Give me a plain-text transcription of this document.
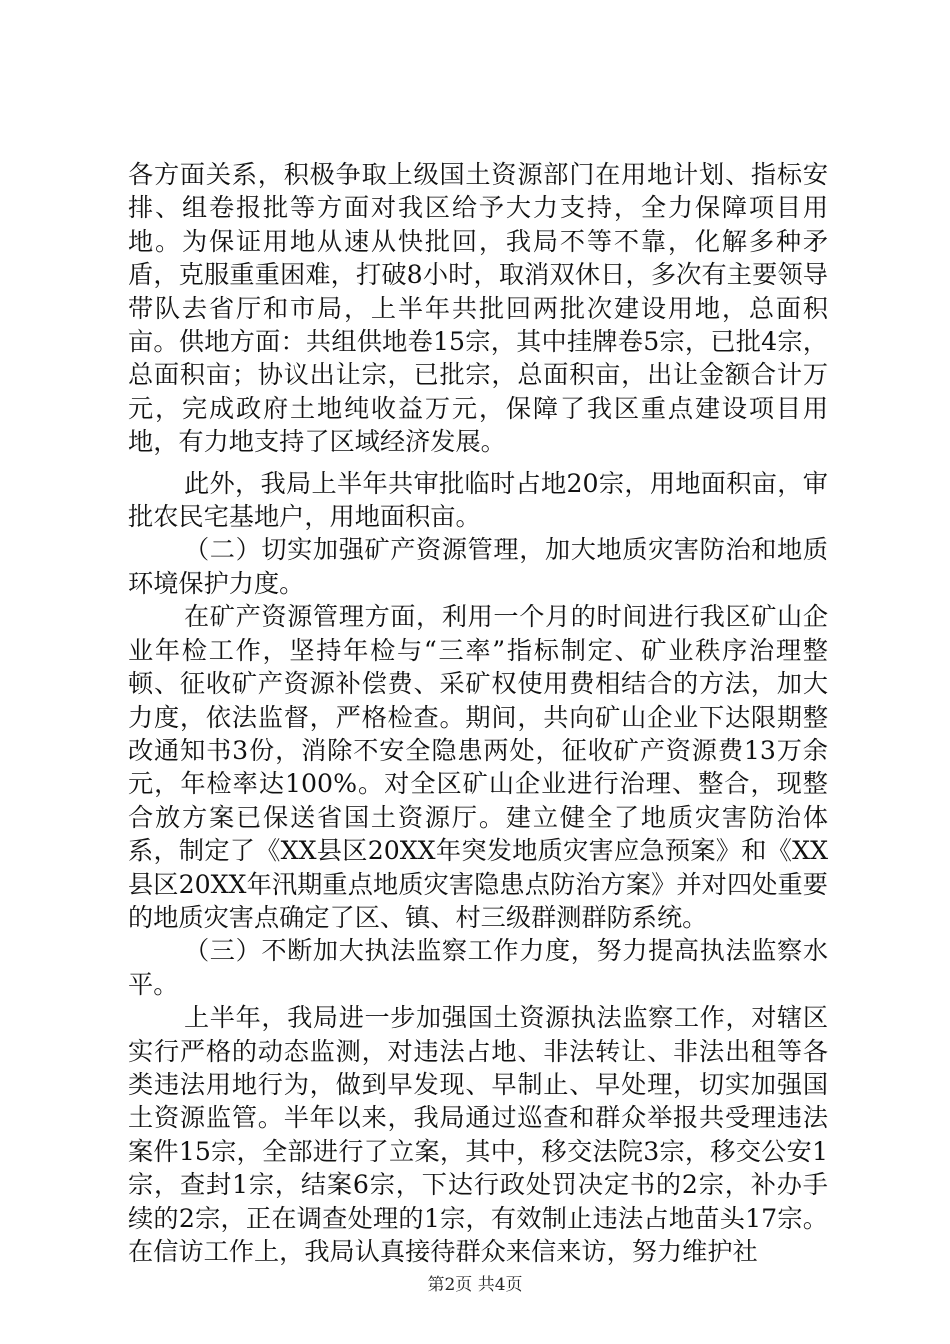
各方面关系，积极争取上级国土资源部门在用地计划、指标安排、组卷报批等方面对我区给予大力支持，全力保障项目用地。为保证用地从速从快批回，我局不等不靠，化解多种矛盾，克服重重困难，打破8小时，取消双休日，多次有主要领导带队去省厅和市局，上半年共批回两批次建设用地，总面积亩。供地方面：共组供地卷15宗，其中挂牌卷5宗，已批4宗，总面积亩；协议出让宗，已批宗，总面积亩，出让金额合计万元，完成政府土地纯收益万元，保障了我区重点建设项目用地，有力地支持了区域经济发展。

此外，我局上半年共审批临时占地20宗，用地面积亩，审批农民宅基地户，用地面积亩。

（二）切实加强矿产资源管理，加大地质灾害防治和地质环境保护力度。

在矿产资源管理方面，利用一个月的时间进行我区矿山企业年检工作，坚持年检与“三率”指标制定、矿业秩序治理整顿、征收矿产资源补偿费、采矿权使用费相结合的方法，加大力度，依法监督，严格检查。期间，共向矿山企业下达限期整改通知书3份，消除不安全隐患两处，征收矿产资源费13万余元，年检率达100%。对全区矿山企业进行治理、整合，现整合放方案已保送省国土资源厅。建立健全了地质灾害防治体系，制定了《XX县区20XX年突发地质灾害应急预案》和《XX县区20XX年汛期重点地质灾害隐患点防治方案》并对四处重要的地质灾害点确定了区、镇、村三级群测群防系统。

（三）不断加大执法监察工作力度，努力提高执法监察水平。

上半年，我局进一步加强国土资源执法监察工作，对辖区实行严格的动态监测，对违法占地、非法转让、非法出租等各类违法用地行为，做到早发现、早制止、早处理，切实加强国土资源监管。半年以来，我局通过巡查和群众举报共受理违法案件15宗，全部进行了立案，其中，移交法院3宗，移交公安1宗，查封1宗，结案6宗，下达行政处罚决定书的2宗，补办手续的2宗，正在调查处理的1宗，有效制止违法占地苗头17宗。在信访工作上，我局认真接待群众来信来访，努力维护社

第2页 共4页
